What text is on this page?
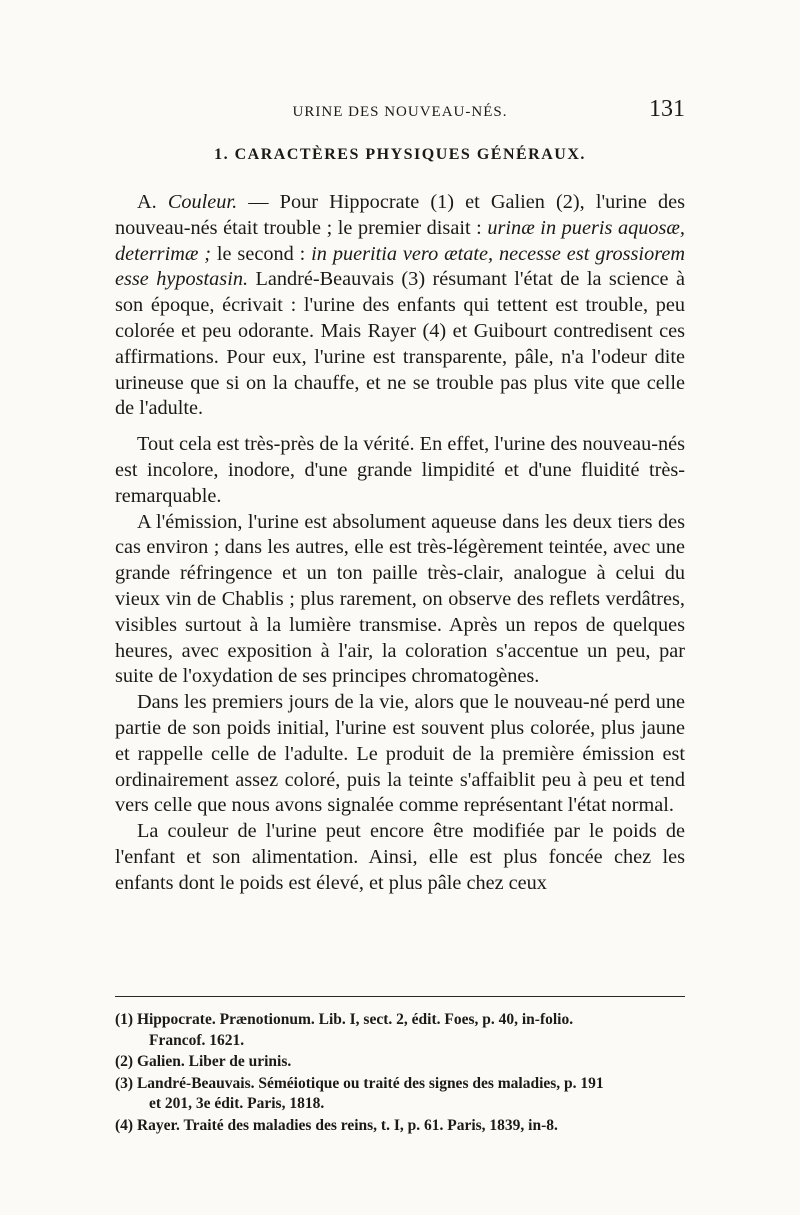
URINE DES NOUVEAU-NÉS.	131
1. CARACTÈRES PHYSIQUES GÉNÉRAUX.

A. Couleur. — Pour Hippocrate (1) et Galien (2), l'urine des nouveau-nés était trouble ; le premier disait : urinæ in pueris aquosæ, deterrimæ ; le second : in pueritia vero ætate, necesse est grossiorem esse hypostasin. Landré-Beauvais (3) résumant l'état de la science à son époque, écrivait : l'urine des enfants qui tettent est trouble, peu colorée et peu odorante. Mais Rayer (4) et Guibourt contredisent ces affirmations. Pour eux, l'urine est transparente, pâle, n'a l'odeur dite urineuse que si on la chauffe, et ne se trouble pas plus vite que celle de l'adulte.

Tout cela est très-près de la vérité. En effet, l'urine des nouveau-nés est incolore, inodore, d'une grande limpidité et d'une fluidité très-remarquable.

A l'émission, l'urine est absolument aqueuse dans les deux tiers des cas environ ; dans les autres, elle est très-légèrement teintée, avec une grande réfringence et un ton paille très-clair, analogue à celui du vieux vin de Chablis ; plus rarement, on observe des reflets verdâtres, visibles surtout à la lumière transmise. Après un repos de quelques heures, avec exposition à l'air, la coloration s'accentue un peu, par suite de l'oxydation de ses principes chromatogènes.

Dans les premiers jours de la vie, alors que le nouveau-né perd une partie de son poids initial, l'urine est souvent plus colorée, plus jaune et rappelle celle de l'adulte. Le produit de la première émission est ordinairement assez coloré, puis la teinte s'affaiblit peu à peu et tend vers celle que nous avons signalée comme représentant l'état normal.

La couleur de l'urine peut encore être modifiée par le poids de l'enfant et son alimentation. Ainsi, elle est plus foncée chez les enfants dont le poids est élevé, et plus pâle chez ceux

(1) Hippocrate. Prænotionum. Lib. I, sect. 2, édit. Foes, p. 40, in-folio.
Francof. 1621.
(2) Galien. Liber de urinis.
(3) Landré-Beauvais. Séméiotique ou traité des signes des maladies, p. 191
et 201, 3e édit. Paris, 1818.
(4) Rayer. Traité des maladies des reins, t. I, p. 61. Paris, 1839, in-8.
